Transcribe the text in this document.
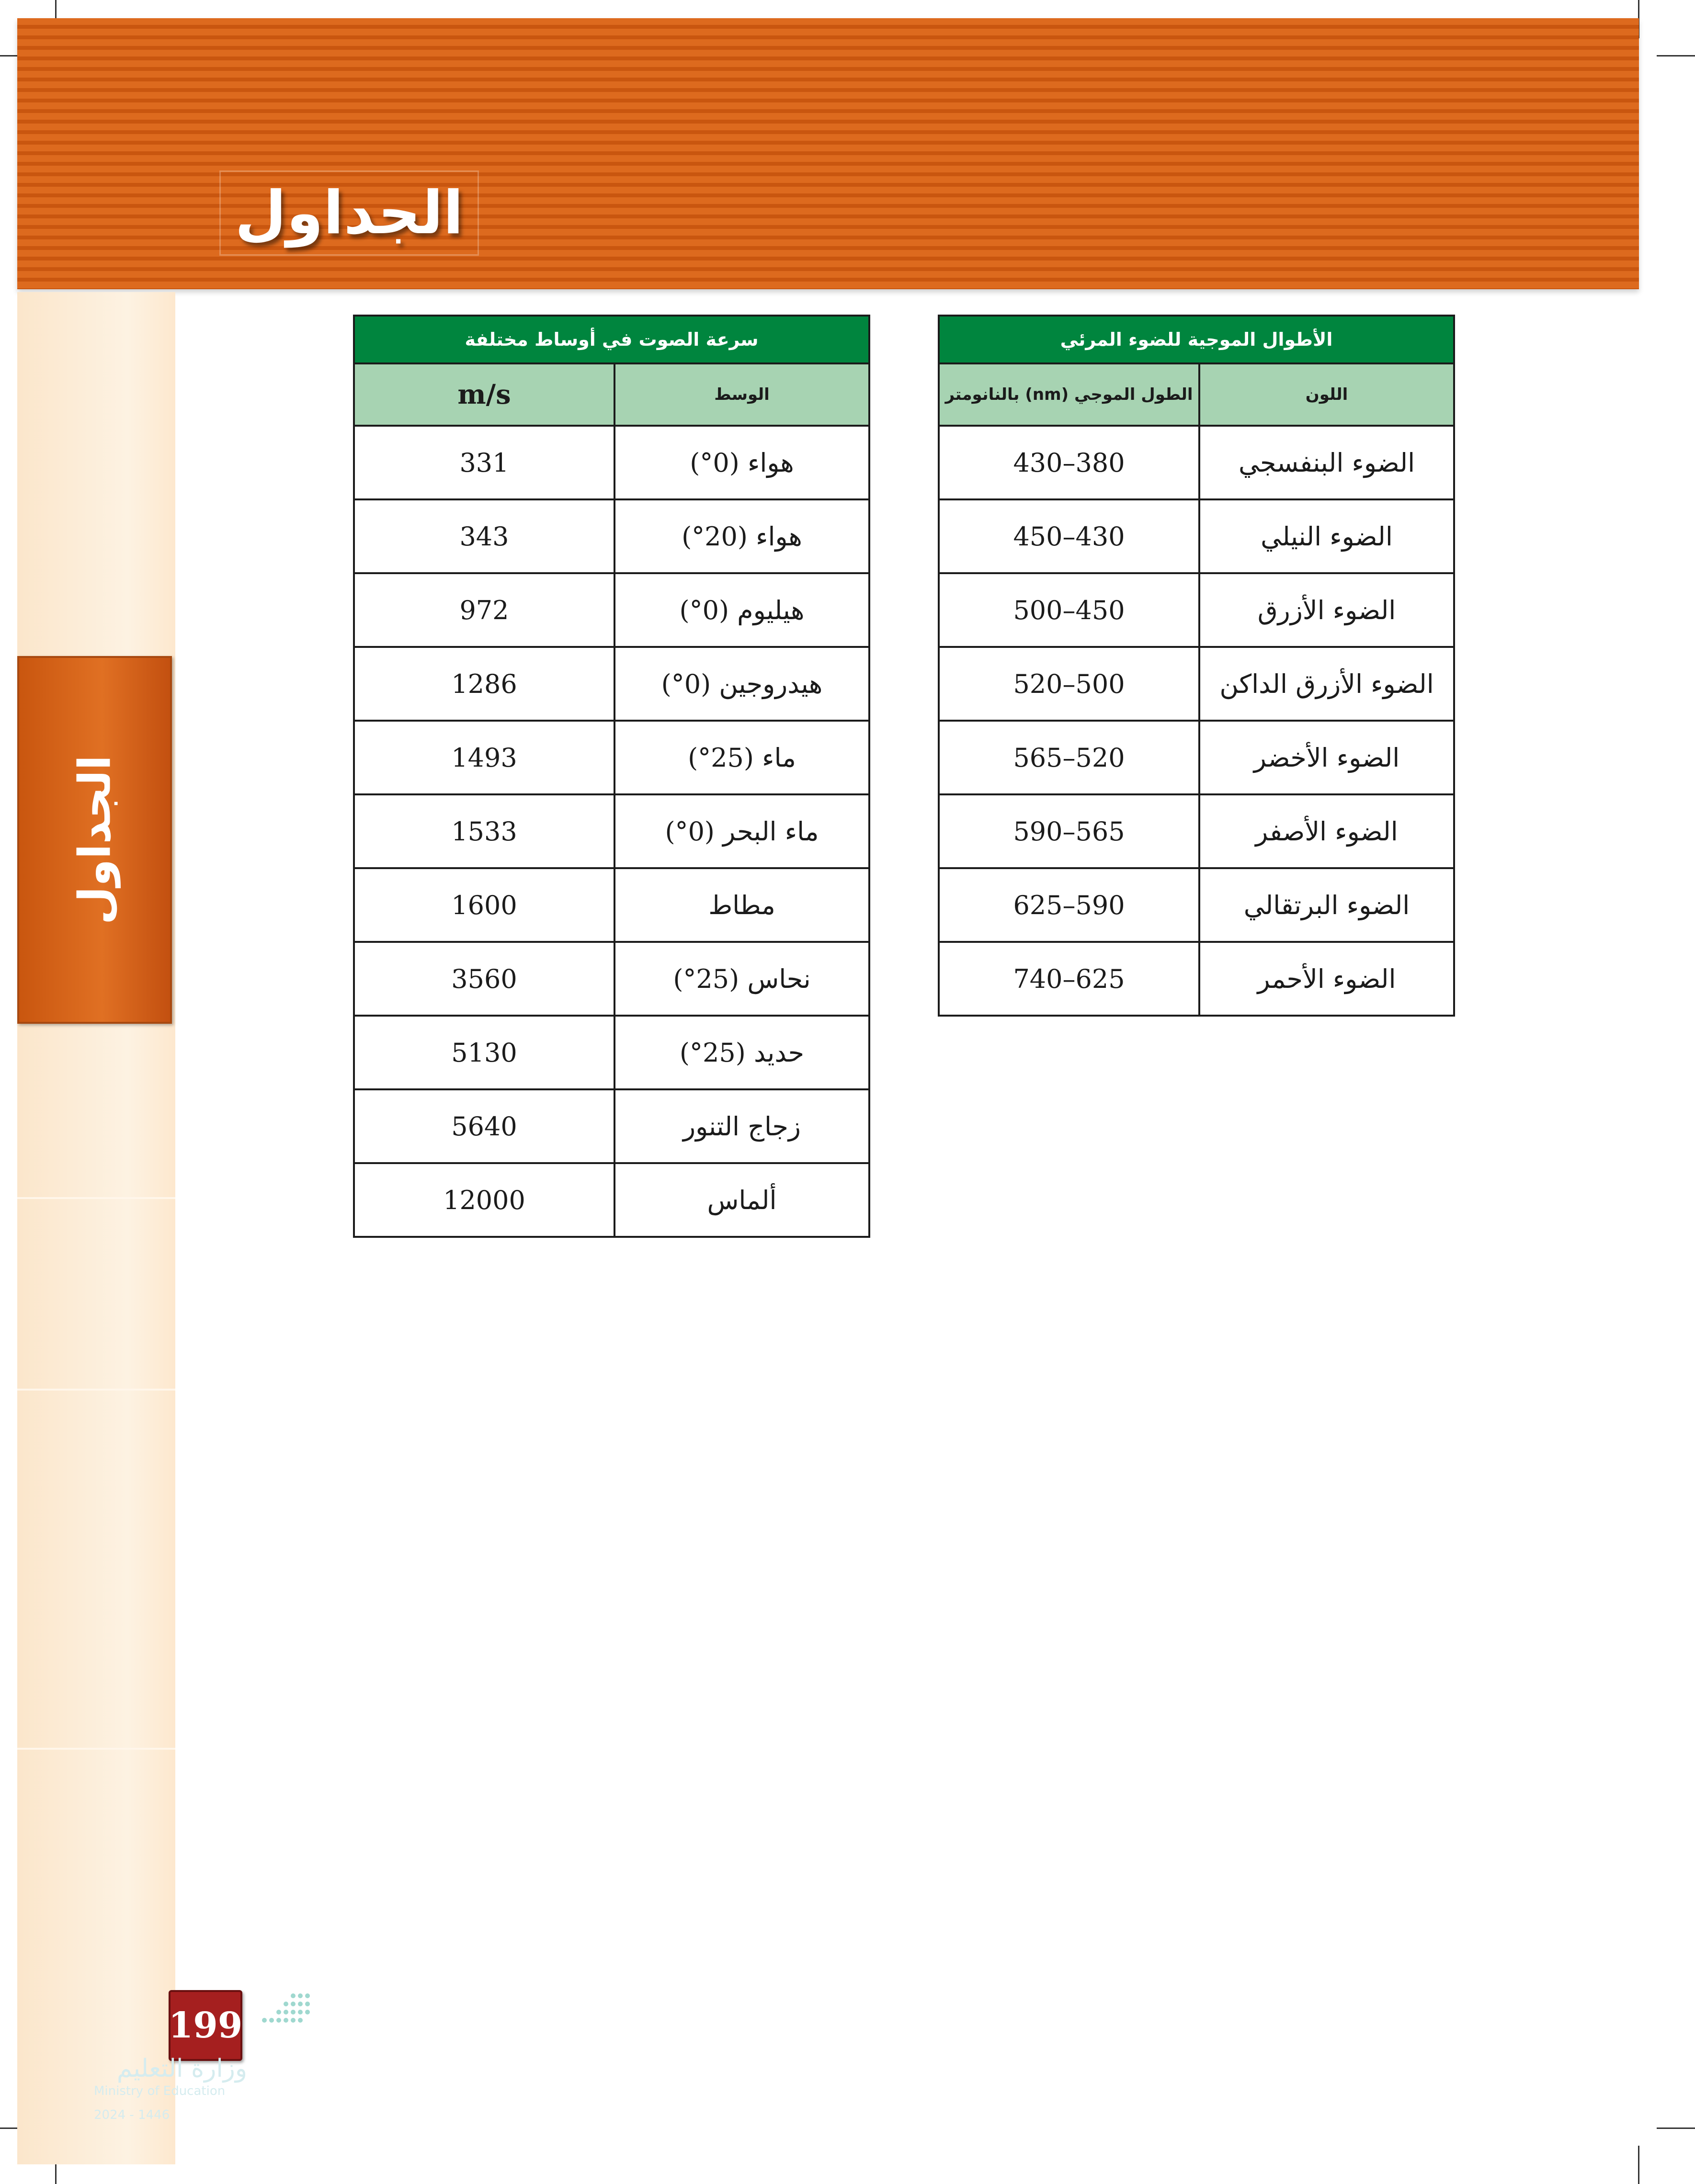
الجداول
الجداول
الأطوال الموجية للضوء المرئي	
اللون	الطول الموجي (nm) بالنانومتر
الضوء البنفسجي	430–380
الضوء النيلي	450–430
الضوء الأزرق	500–450
الضوء الأزرق الداكن	520–500
الضوء الأخضر	565–520
الضوء الأصفر	590–565
الضوء البرتقالي	625–590
الضوء الأحمر	740–625
سرعة الصوت في أوساط مختلفة	
الوسط	m/s
هواء (0°)	331
هواء (20°)	343
هيليوم (0°)	972
هيدروجين (0°)	1286
ماء (25°)	1493
ماء البحر (0°)	1533
مطاط	1600
نحاس (25°)	3560
حديد (25°)	5130
زجاج التنور	5640
ألماس	12000
199
وزارة التعليم
Ministry of Education
2024 - 1446
